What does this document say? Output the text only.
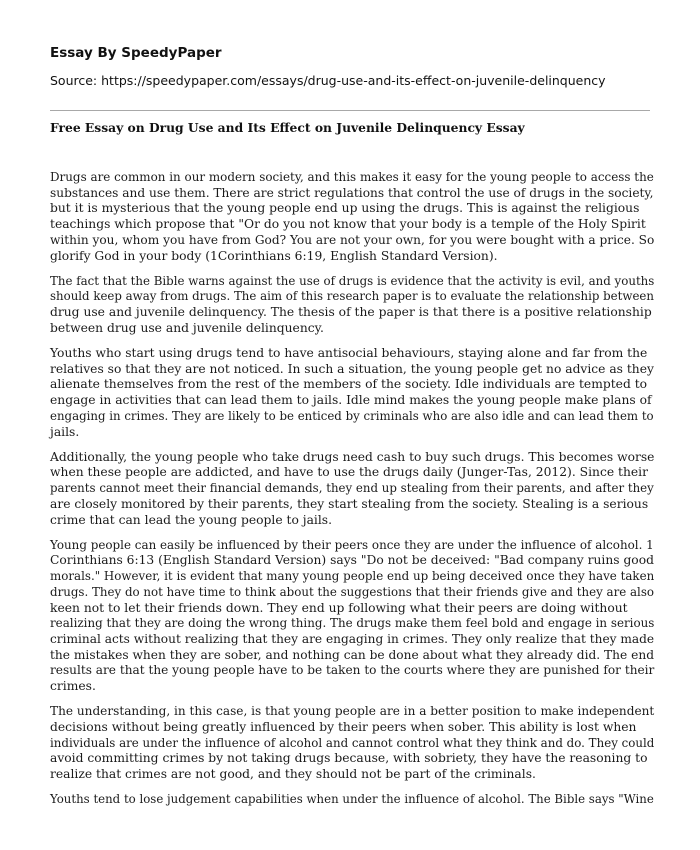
Essay By SpeedyPaper
Source: https://speedypaper.com/essays/drug-use-and-its-effect-on-juvenile-delinquency
Free Essay on Drug Use and Its Effect on Juvenile Delinquency Essay
Drugs are common in our modern society, and this makes it easy for the young people to access the
substances and use them. There are strict regulations that control the use of drugs in the society,
but it is mysterious that the young people end up using the drugs. This is against the religious
teachings which propose that "Or do you not know that your body is a temple of the Holy Spirit
within you, whom you have from God? You are not your own, for you were bought with a price. So
glorify God in your body (1Corinthians 6:19, English Standard Version).
The fact that the Bible warns against the use of drugs is evidence that the activity is evil, and youths
should keep away from drugs. The aim of this research paper is to evaluate the relationship between
drug use and juvenile delinquency. The thesis of the paper is that there is a positive relationship
between drug use and juvenile delinquency.
Youths who start using drugs tend to have antisocial behaviours, staying alone and far from the
relatives so that they are not noticed. In such a situation, the young people get no advice as they
alienate themselves from the rest of the members of the society. Idle individuals are tempted to
engage in activities that can lead them to jails. Idle mind makes the young people make plans of
engaging in crimes. They are likely to be enticed by criminals who are also idle and can lead them to
jails.
Additionally, the young people who take drugs need cash to buy such drugs. This becomes worse
when these people are addicted, and have to use the drugs daily (Junger-Tas, 2012). Since their
parents cannot meet their financial demands, they end up stealing from their parents, and after they
are closely monitored by their parents, they start stealing from the society. Stealing is a serious
crime that can lead the young people to jails.
Young people can easily be influenced by their peers once they are under the influence of alcohol. 1
Corinthians 6:13 (English Standard Version) says "Do not be deceived: "Bad company ruins good
morals." However, it is evident that many young people end up being deceived once they have taken
drugs. They do not have time to think about the suggestions that their friends give and they are also
keen not to let their friends down. They end up following what their peers are doing without
realizing that they are doing the wrong thing. The drugs make them feel bold and engage in serious
criminal acts without realizing that they are engaging in crimes. They only realize that they made
the mistakes when they are sober, and nothing can be done about what they already did. The end
results are that the young people have to be taken to the courts where they are punished for their
crimes.
The understanding, in this case, is that young people are in a better position to make independent
decisions without being greatly influenced by their peers when sober. This ability is lost when
individuals are under the influence of alcohol and cannot control what they think and do. They could
avoid committing crimes by not taking drugs because, with sobriety, they have the reasoning to
realize that crimes are not good, and they should not be part of the criminals.
Youths tend to lose judgement capabilities when under the influence of alcohol. The Bible says "Wine
